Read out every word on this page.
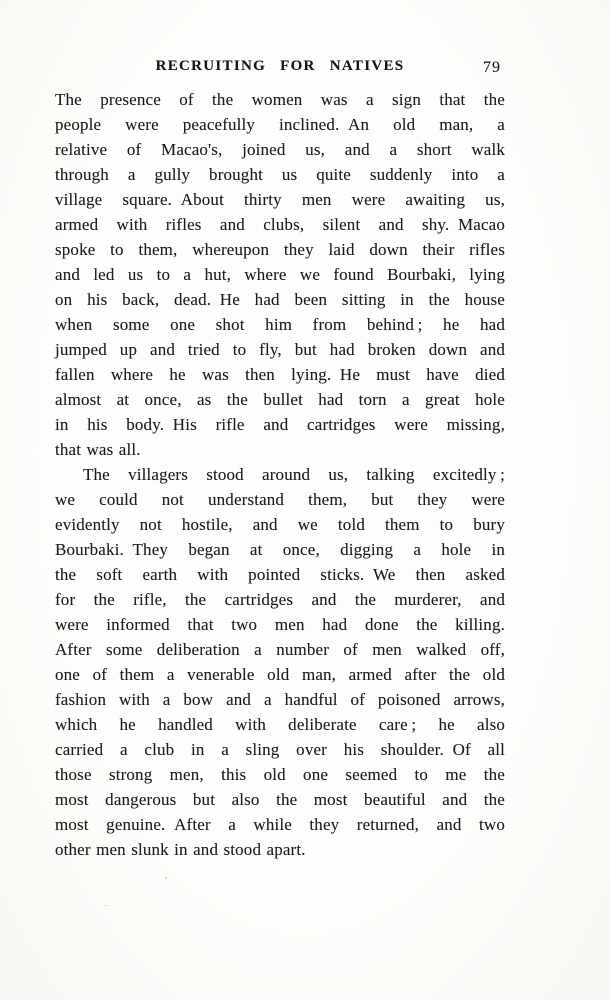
RECRUITING FOR NATIVES	79
The presence of the women was a sign that the
people were peacefully inclined. An old man, a
relative of Macao's, joined us, and a short walk
through a gully brought us quite suddenly into a
village square. About thirty men were awaiting us,
armed with rifles and clubs, silent and shy. Macao
spoke to them, whereupon they laid down their rifles
and led us to a hut, where we found Bourbaki, lying
on his back, dead. He had been sitting in the house
when some one shot him from behind ; he had
jumped up and tried to fly, but had broken down and
fallen where he was then lying. He must have died
almost at once, as the bullet had torn a great hole
in his body. His rifle and cartridges were missing,
that was all.
The villagers stood around us, talking excitedly ;
we could not understand them, but they were
evidently not hostile, and we told them to bury
Bourbaki. They began at once, digging a hole in
the soft earth with pointed sticks. We then asked
for the rifle, the cartridges and the murderer, and
were informed that two men had done the killing.
After some deliberation a number of men walked off,
one of them a venerable old man, armed after the old
fashion with a bow and a handful of poisoned arrows,
which he handled with deliberate care ; he also
carried a club in a sling over his shoulder. Of all
those strong men, this old one seemed to me the
most dangerous but also the most beautiful and the
most genuine. After a while they returned, and two
other men slunk in and stood apart.
